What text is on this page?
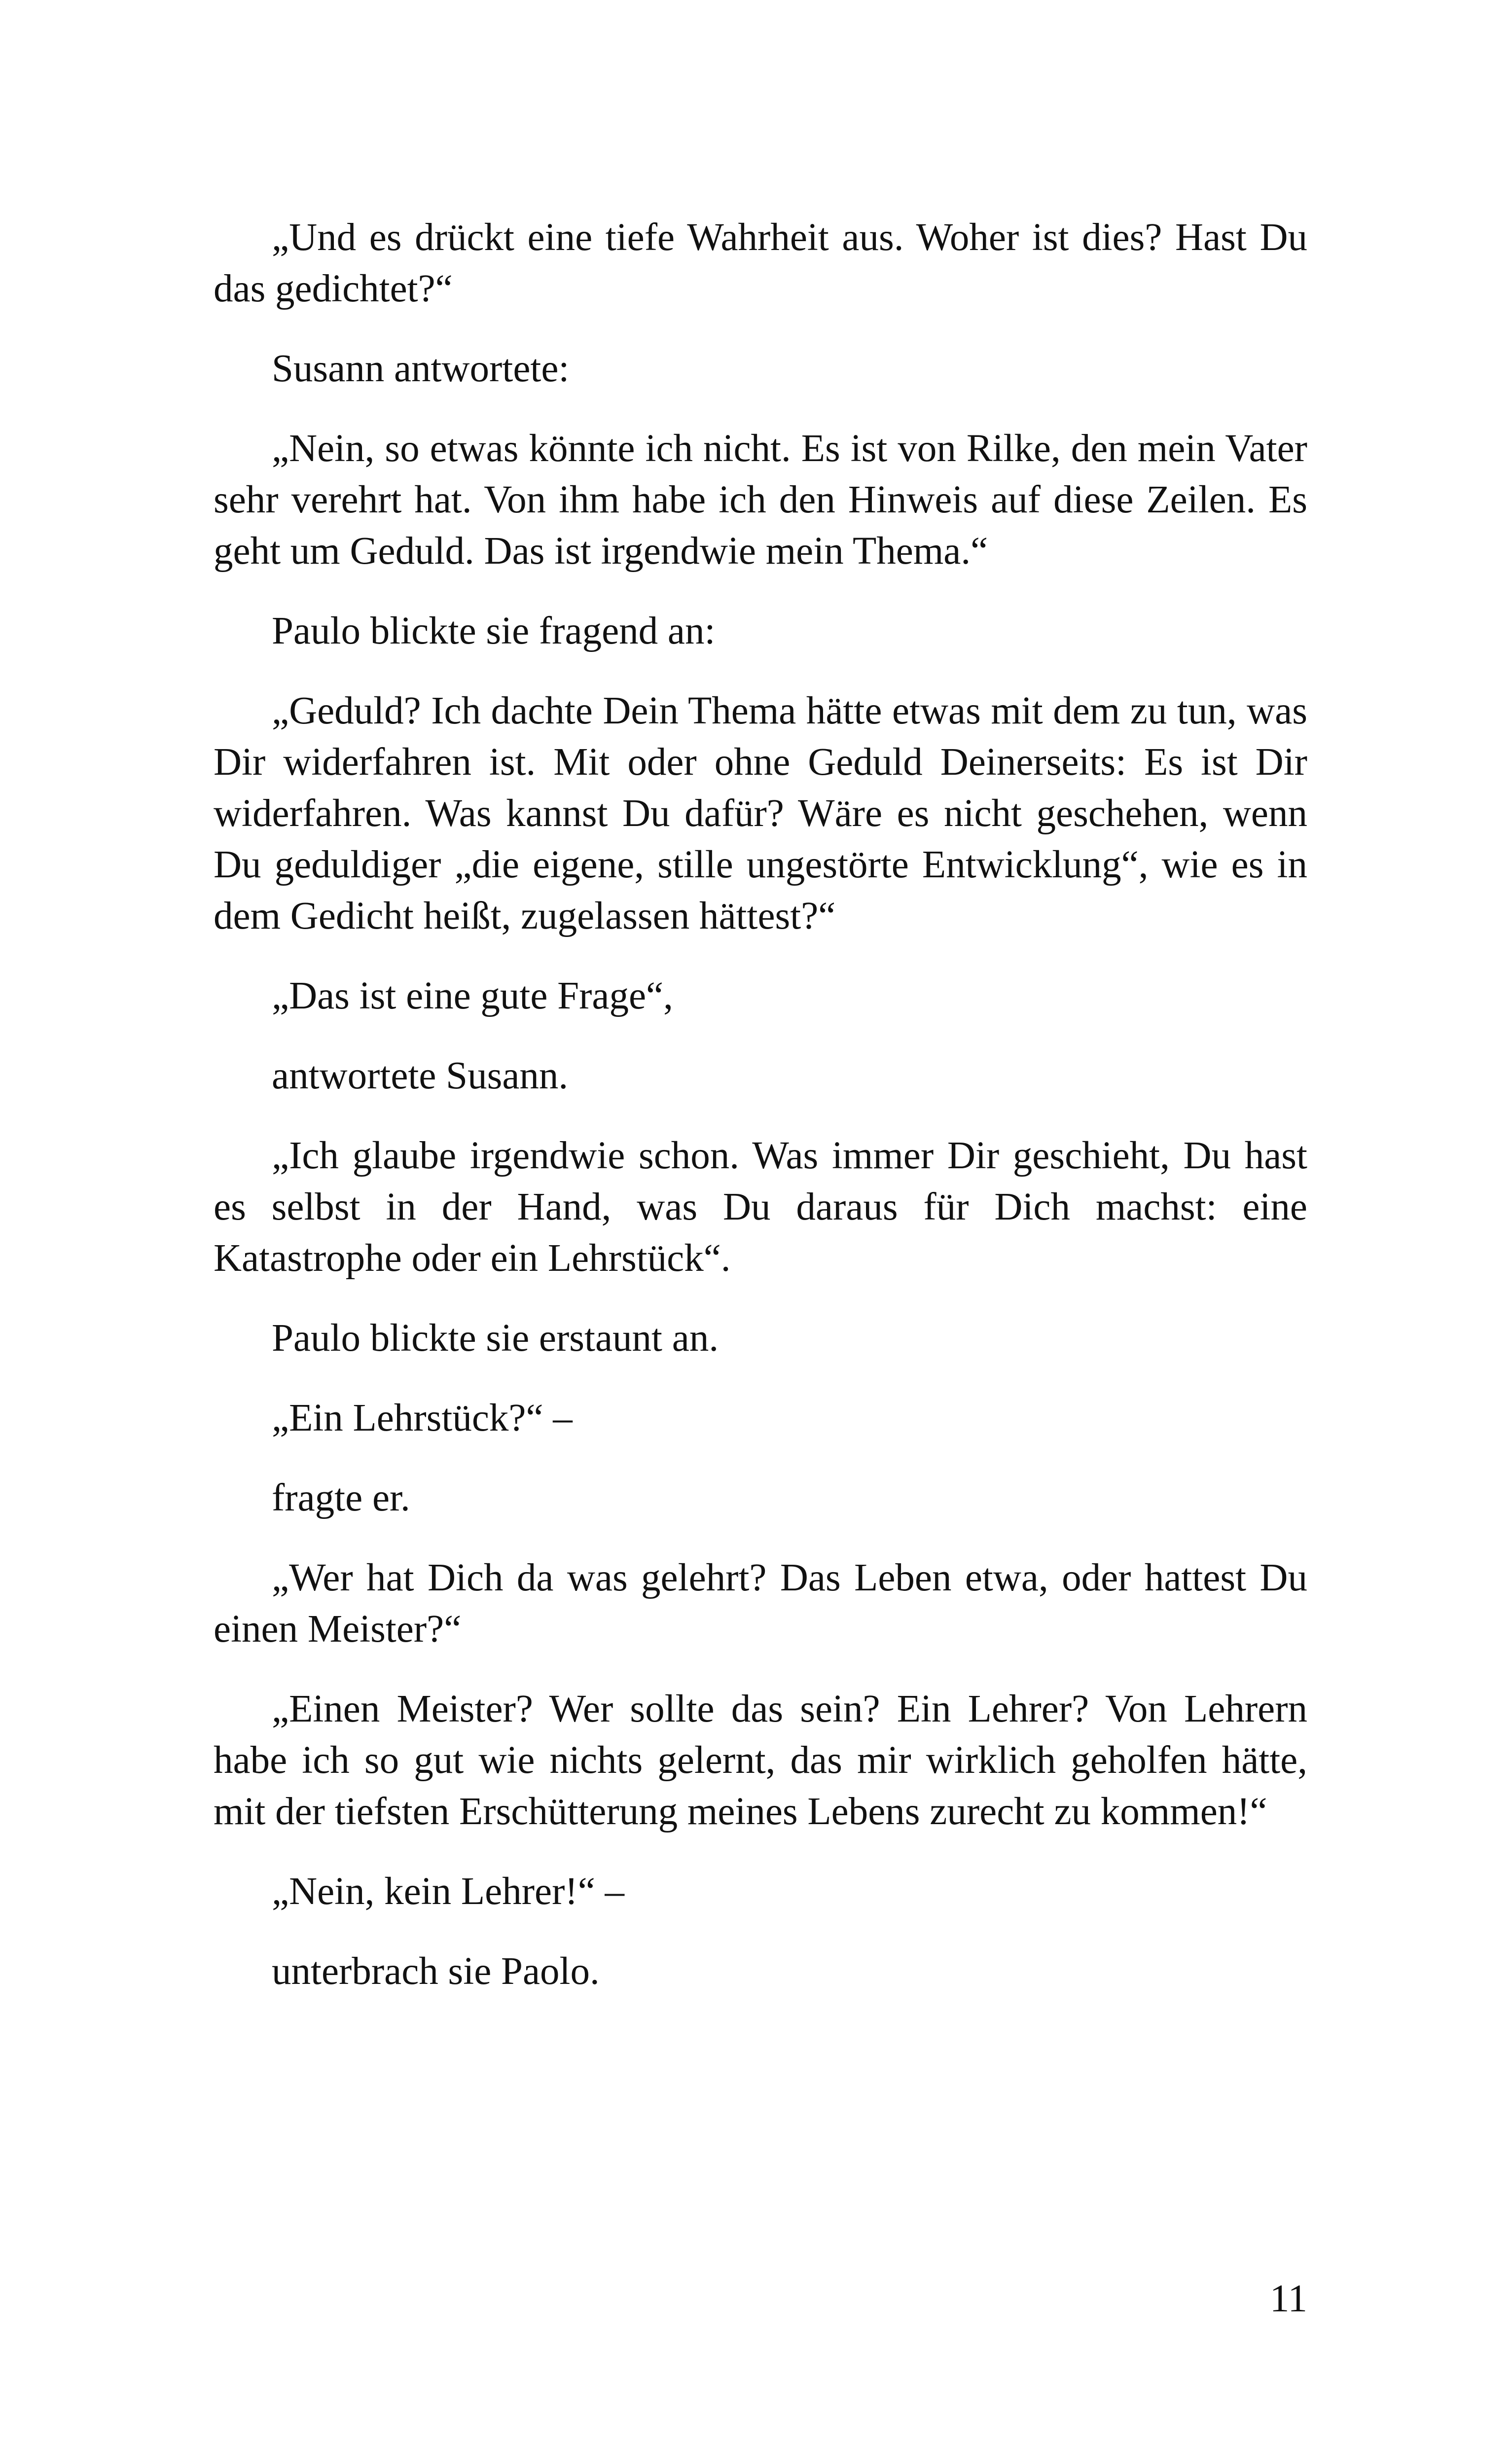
„Und es drückt eine tiefe Wahrheit aus. Woher ist dies? Hast Du das gedichtet?“

Susann antwortete:

„Nein, so etwas könnte ich nicht. Es ist von Rilke, den mein Vater sehr verehrt hat. Von ihm habe ich den Hinweis auf diese Zeilen. Es geht um Geduld. Das ist irgendwie mein Thema.“

Paulo blickte sie fragend an:

„Geduld? Ich dachte Dein Thema hätte etwas mit dem zu tun, was Dir widerfahren ist. Mit oder ohne Geduld Deinerseits: Es ist Dir widerfahren. Was kannst Du dafür? Wäre es nicht geschehen, wenn Du geduldiger „die eigene, stille ungestörte Entwicklung“, wie es in dem Gedicht heißt, zugelassen hättest?“

„Das ist eine gute Frage“,

antwortete Susann.

„Ich glaube irgendwie schon. Was immer Dir geschieht, Du hast es selbst in der Hand, was Du daraus für Dich machst: eine Katastrophe oder ein Lehrstück“.

Paulo blickte sie erstaunt an.

„Ein Lehrstück?“ –

fragte er.

„Wer hat Dich da was gelehrt? Das Leben etwa, oder hattest Du einen Meister?“

„Einen Meister? Wer sollte das sein? Ein Lehrer? Von Lehrern habe ich so gut wie nichts gelernt, das mir wirklich geholfen hätte, mit der tiefsten Erschütterung meines Lebens zurecht zu kommen!“

„Nein, kein Lehrer!“ –

unterbrach sie Paolo.

11
